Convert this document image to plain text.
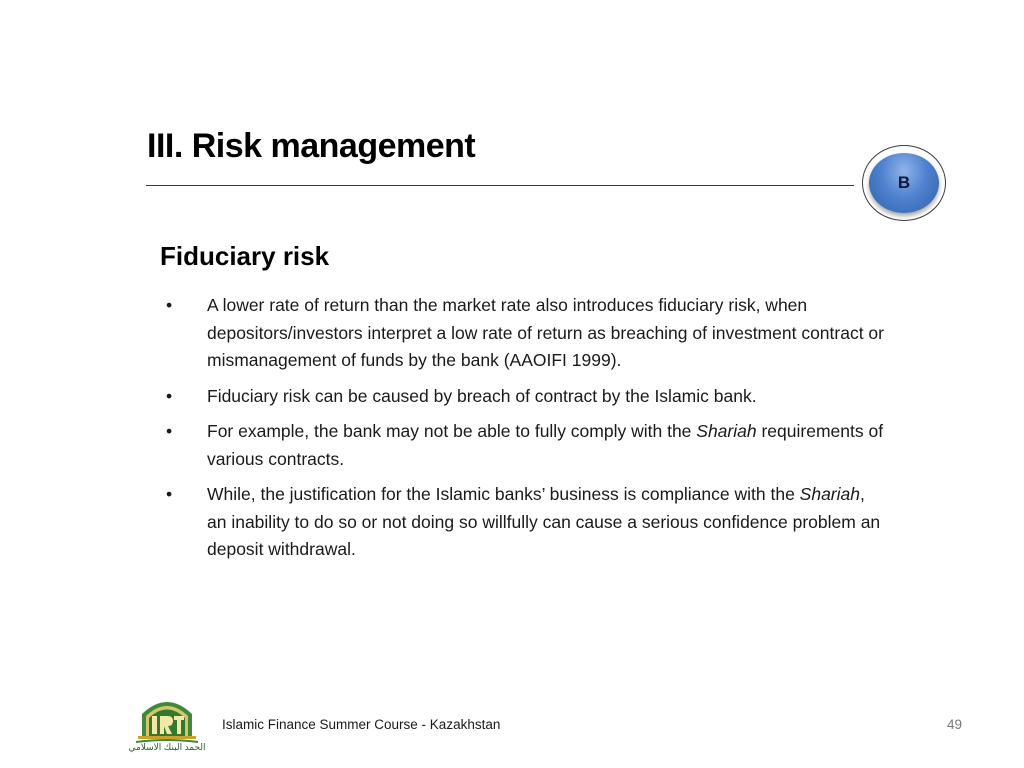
III. Risk management
B
Fiduciary risk
•	A lower rate of return than the market rate also introduces fiduciary risk, when depositors/investors interpret a low rate of return as breaching of investment contract or mismanagement of funds by the bank (AAOIFI 1999).
•	Fiduciary risk can be caused by breach of contract by the Islamic bank.
•	For example, the bank may not be able to fully comply with the Shariah requirements of various contracts.
•	While, the justification for the Islamic banks’ business is compliance with the Shariah, an inability to do so or not doing so willfully can cause a serious confidence problem an deposit withdrawal.
الحمد البنك الاسلامي
Islamic Finance Summer Course - Kazakhstan	49
